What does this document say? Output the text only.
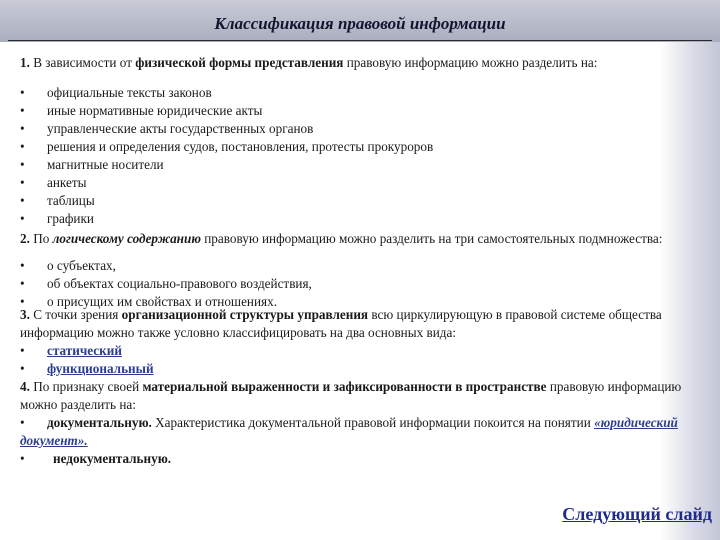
Классификация правовой информации

1. В зависимости от физической формы представления правовую информацию можно разделить на:

•	официальные тексты законов
•	иные нормативные юридические акты
•	управленческие акты государственных органов
•	решения и определения судов, постановления, протесты прокуроров
•	магнитные носители
•	анкеты
•	таблицы
•	графики

2. По логическому содержанию правовую информацию можно разделить на три самостоятельных подмножества:

•	о субъектах,
•	об объектах социально-правового воздействия,
•	о присущих им свойствах и отношениях.

3. С точки зрения организационной структуры управления всю циркулирующую в правовой системе общества информацию можно также условно классифицировать на два основных вида:

•	статический
•	функциональный

4. По признаку своей материальной выраженности и зафиксированности в пространстве правовую информацию можно разделить на:

• документальную. Характеристика документальной правовой информации покоится на понятии «юридический документ».

• недокументальную.

Следующий слайд
